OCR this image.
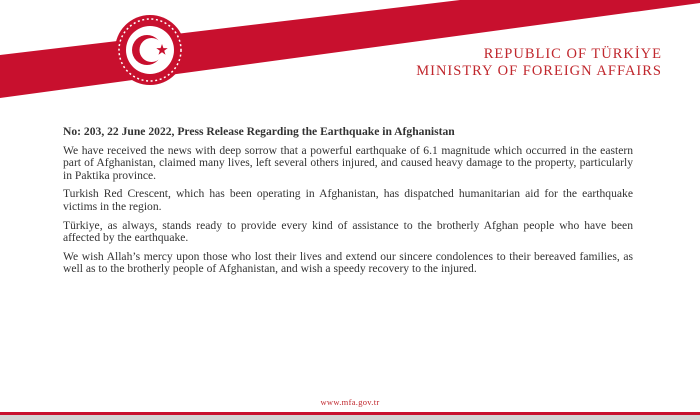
REPUBLIC OF TÜRKİYE
MINISTRY OF FOREIGN AFFAIRS

No: 203, 22 June 2022, Press Release Regarding the Earthquake in Afghanistan

We have received the news with deep sorrow that a powerful earthquake of 6.1 magnitude which occurred in the eastern part of Afghanistan, claimed many lives, left several others injured, and caused heavy damage to the property, particularly in Paktika province.

Turkish Red Crescent, which has been operating in Afghanistan, has dispatched humanitarian aid for the earthquake victims in the region.

Türkiye, as always, stands ready to provide every kind of assistance to the brotherly Afghan people who have been affected by the earthquake.

We wish Allah’s mercy upon those who lost their lives and extend our sincere condolences to their bereaved families, as well as to the brotherly people of Afghanistan, and wish a speedy recovery to the injured.

www.mfa.gov.tr
